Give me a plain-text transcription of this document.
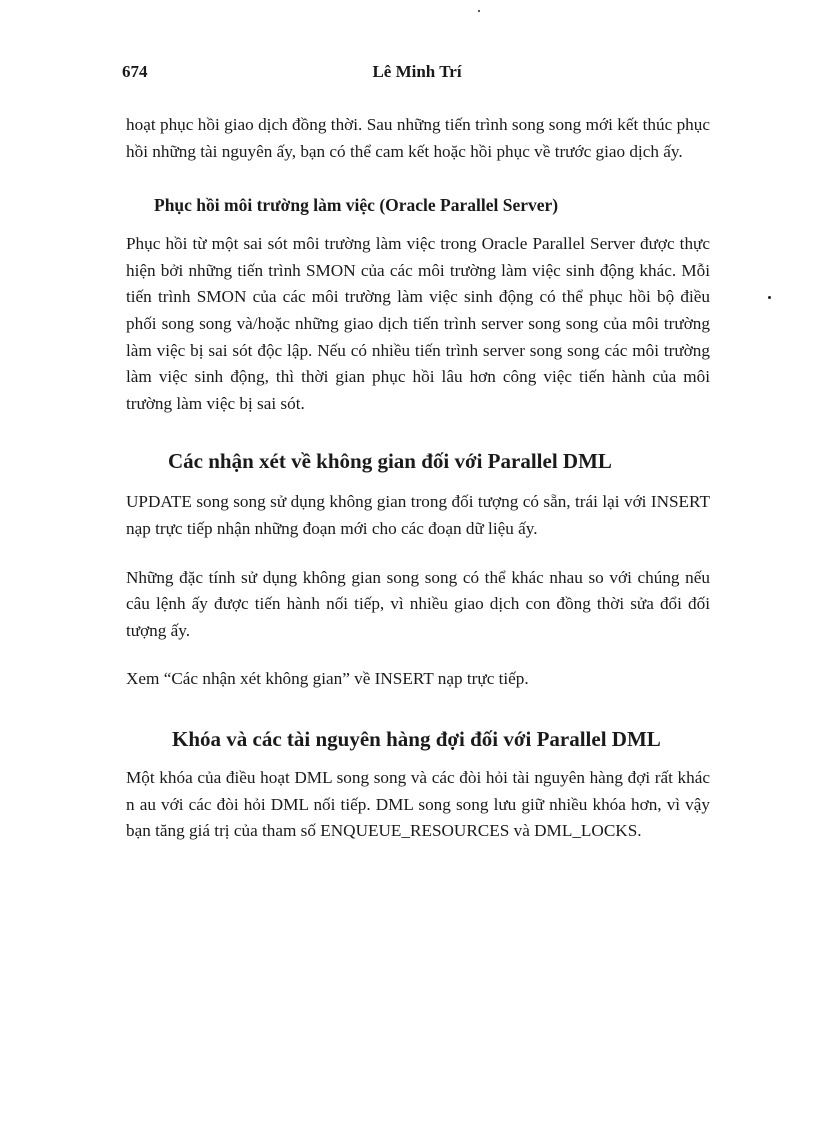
674	Lê Minh Trí

hoạt phục hồi giao dịch đồng thời. Sau những tiến trình song song mới kết thúc phục hồi những tài nguyên ấy, bạn có thể cam kết hoặc hồi phục về trước giao dịch ấy.

Phục hồi môi trường làm việc (Oracle Parallel Server)

Phục hồi từ một sai sót môi trường làm việc trong Oracle Parallel Server được thực hiện bởi những tiến trình SMON của các môi trường làm việc sinh động khác. Mỗi tiến trình SMON của các môi trường làm việc sinh động có thể phục hồi bộ điều phối song song và/hoặc những giao dịch tiến trình server song song của môi trường làm việc bị sai sót độc lập. Nếu có nhiều tiến trình server song song các môi trường làm việc sinh động, thì thời gian phục hồi lâu hơn công việc tiến hành của môi trường làm việc bị sai sót.

Các nhận xét về không gian đối với Parallel DML

UPDATE song song sử dụng không gian trong đối tượng có sẵn, trái lại với INSERT nạp trực tiếp nhận những đoạn mới cho các đoạn dữ liệu ấy.

Những đặc tính sử dụng không gian song song có thể khác nhau so với chúng nếu câu lệnh ấy được tiến hành nối tiếp, vì nhiều giao dịch con đồng thời sửa đổi đối tượng ấy.

Xem “Các nhận xét không gian” về INSERT nạp trực tiếp.

Khóa và các tài nguyên hàng đợi đối với Parallel DML

Một khóa của điều hoạt DML song song và các đòi hỏi tài nguyên hàng đợi rất khác n au với các đòi hỏi DML nối tiếp. DML song song lưu giữ nhiều khóa hơn, vì vậy bạn tăng giá trị của tham số ENQUEUE_RESOURCES và DML_LOCKS.
